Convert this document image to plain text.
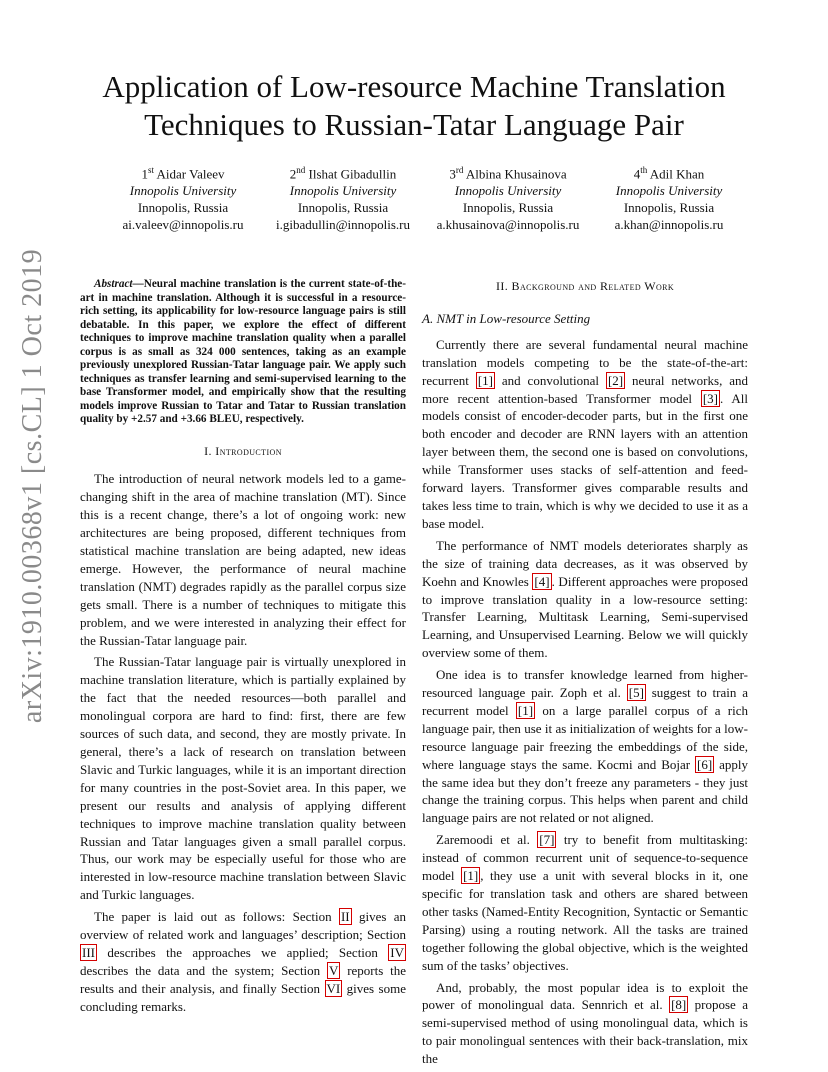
arXiv:1910.00368v1 [cs.CL] 1 Oct 2019
Application of Low-resource Machine Translation Techniques to Russian-Tatar Language Pair
1st Aidar Valeev
Innopolis University
Innopolis, Russia
ai.valeev@innopolis.ru
2nd Ilshat Gibadullin
Innopolis University
Innopolis, Russia
i.gibadullin@innopolis.ru
3rd Albina Khusainova
Innopolis University
Innopolis, Russia
a.khusainova@innopolis.ru
4th Adil Khan
Innopolis University
Innopolis, Russia
a.khan@innopolis.ru

Abstract—Neural machine translation is the current state-of-the-art in machine translation. Although it is successful in a resource-rich setting, its applicability for low-resource language pairs is still debatable. In this paper, we explore the effect of different techniques to improve machine translation quality when a parallel corpus is as small as 324 000 sentences, taking as an example previously unexplored Russian-Tatar language pair. We apply such techniques as transfer learning and semi-supervised learning to the base Transformer model, and empirically show that the resulting models improve Russian to Tatar and Tatar to Russian translation quality by +2.57 and +3.66 BLEU, respectively.

I. Introduction

The introduction of neural network models led to a game-changing shift in the area of machine translation (MT). Since this is a recent change, there’s a lot of ongoing work: new architectures are being proposed, different techniques from statistical machine translation are being adapted, new ideas emerge. However, the performance of neural machine translation (NMT) degrades rapidly as the parallel corpus size gets small. There is a number of techniques to mitigate this problem, and we were interested in analyzing their effect for the Russian-Tatar language pair.

The Russian-Tatar language pair is virtually unexplored in machine translation literature, which is partially explained by the fact that the needed resources—both parallel and monolingual corpora are hard to find: first, there are few sources of such data, and second, they are mostly private. In general, there’s a lack of research on translation between Slavic and Turkic languages, while it is an important direction for many countries in the post-Soviet area. In this paper, we present our results and analysis of applying different techniques to improve machine translation quality between Russian and Tatar languages given a small parallel corpus. Thus, our work may be especially useful for those who are interested in low-resource machine translation between Slavic and Turkic languages.

The paper is laid out as follows: Section II gives an overview of related work and languages’ description; Section III describes the approaches we applied; Section IV describes the data and the system; Section V reports the results and their analysis, and finally Section VI gives some concluding remarks.

II. Background and Related Work
A. NMT in Low-resource Setting

Currently there are several fundamental neural machine translation models competing to be the state-of-the-art: recurrent [1] and convolutional [2] neural networks, and more recent attention-based Transformer model [3] . All models consist of encoder-decoder parts, but in the first one both encoder and decoder are RNN layers with an attention layer between them, the second one is based on convolutions, while Transformer uses stacks of self-attention and feed-forward layers. Transformer gives comparable results and takes less time to train, which is why we decided to use it as a base model.

The performance of NMT models deteriorates sharply as the size of training data decreases, as it was observed by Koehn and Knowles [4] . Different approaches were proposed to improve translation quality in a low-resource setting: Transfer Learning, Multitask Learning, Semi-supervised Learning, and Unsupervised Learning. Below we will quickly overview some of them.

One idea is to transfer knowledge learned from higher-resourced language pair. Zoph et al. [5] suggest to train a recurrent model [1] on a large parallel corpus of a rich language pair, then use it as initialization of weights for a low-resource language pair freezing the embeddings of the side, where language stays the same. Kocmi and Bojar [6] apply the same idea but they don’t freeze any parameters - they just change the training corpus. This helps when parent and child language pairs are not related or not aligned.

Zaremoodi et al. [7] try to benefit from multitasking: instead of common recurrent unit of sequence-to-sequence model [1] , they use a unit with several blocks in it, one specific for translation task and others are shared between other tasks (Named-Entity Recognition, Syntactic or Semantic Parsing) using a routing network. All the tasks are trained together following the global objective, which is the weighted sum of the tasks’ objectives.

And, probably, the most popular idea is to exploit the power of monolingual data. Sennrich et al. [8] propose a semi-supervised method of using monolingual data, which is to pair monolingual sentences with their back-translation, mix the
